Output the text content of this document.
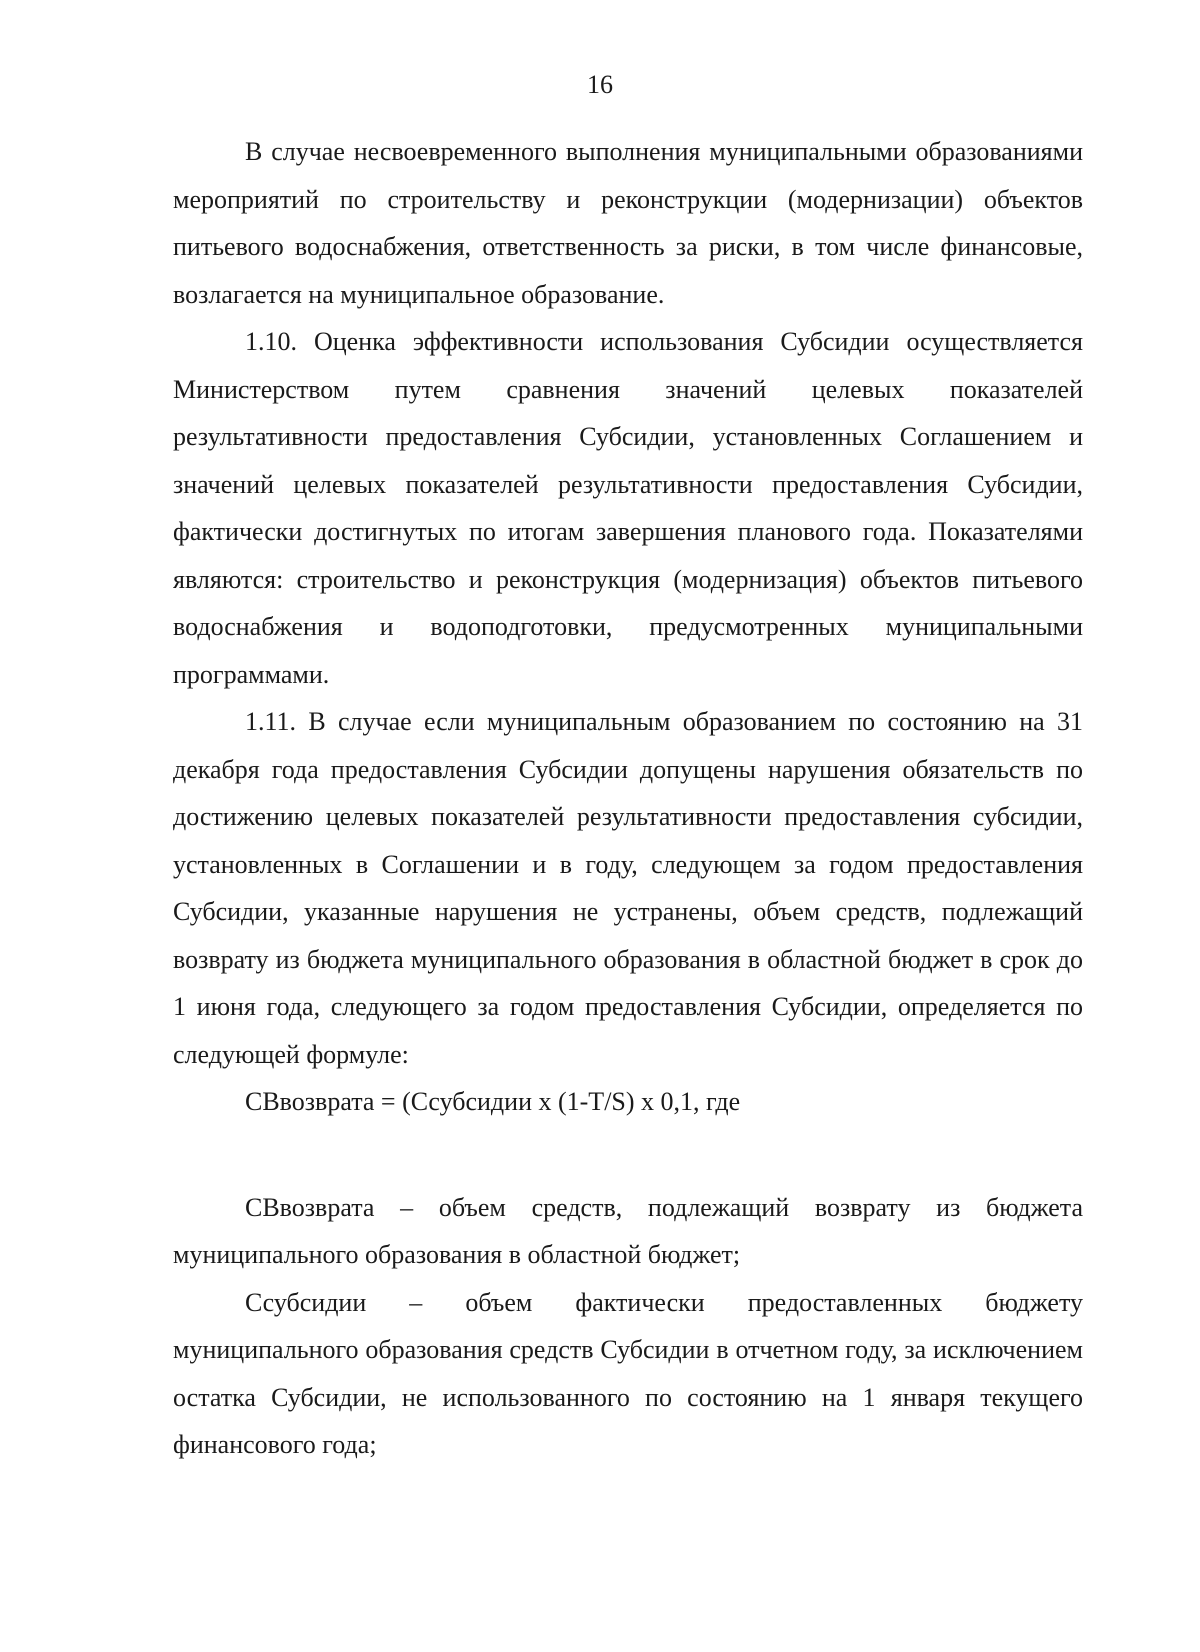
16

В случае несвоевременного выполнения муниципальными образованиями мероприятий по строительству и реконструкции (модернизации) объектов питьевого водоснабжения, ответственность за риски, в том числе финансовые, возлагается на муниципальное образование.

1.10. Оценка эффективности использования Субсидии осуществляется Министерством путем сравнения значений целевых показателей результативности предоставления Субсидии, установленных Соглашением и значений целевых показателей результативности предоставления Субсидии, фактически достигнутых по итогам завершения планового года. Показателями являются: строительство и реконструкция (модернизация) объектов питьевого водоснабжения и водоподготовки, предусмотренных муниципальными программами.

1.11. В случае если муниципальным образованием по состоянию на 31 декабря года предоставления Субсидии допущены нарушения обязательств по достижению целевых показателей результативности предоставления субсидии, установленных в Соглашении и в году, следующем за годом предоставления Субсидии, указанные нарушения не устранены, объем средств, подлежащий возврату из бюджета муниципального образования в областной бюджет в срок до 1 июня года, следующего за годом предоставления Субсидии, определяется по следующей формуле:

СВвозврата = (Ссубсидии х (1-T/S) х 0,1, где

СВвозврата – объем средств, подлежащий возврату из бюджета муниципального образования в областной бюджет;

Ссубсидии – объем фактически предоставленных бюджету муниципального образования средств Субсидии в отчетном году, за исключением остатка Субсидии, не использованного по состоянию на 1 января текущего финансового года;
